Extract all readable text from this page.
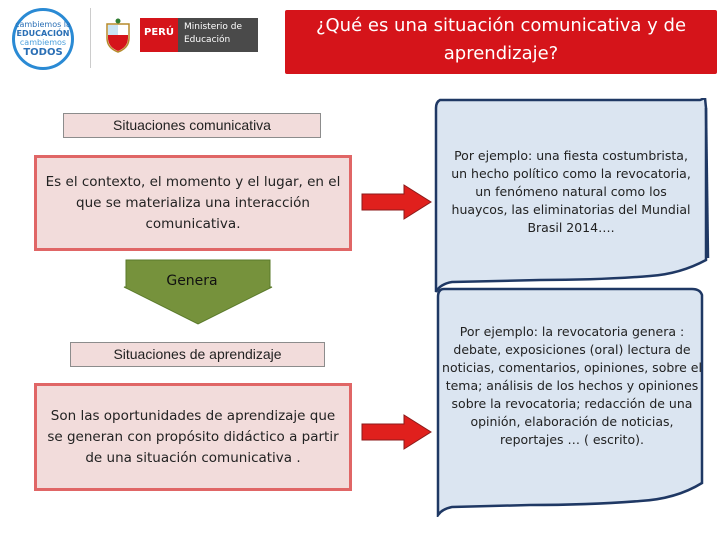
cambiemos la
EDUCACIÓN
cambiemos
TODOS
PERÚ	Ministerio de Educación
¿Qué es una situación comunicativa y de aprendizaje?
Situaciones comunicativa
Es el contexto, el momento y el lugar, en el que se materializa una interacción comunicativa.
Genera
Situaciones de aprendizaje
Son las oportunidades de aprendizaje que se generan con propósito didáctico a partir de una situación comunicativa .
Por ejemplo: una fiesta costumbrista, un hecho político como la revocatoria, un fenómeno natural como los huaycos, las eliminatorias del Mundial Brasil 2014….
Por ejemplo: la revocatoria genera : debate, exposiciones (oral) lectura de noticias, comentarios, opiniones, sobre el tema; análisis de los hechos y opiniones sobre la revocatoria; redacción de una opinión, elaboración de noticias, reportajes … ( escrito).
